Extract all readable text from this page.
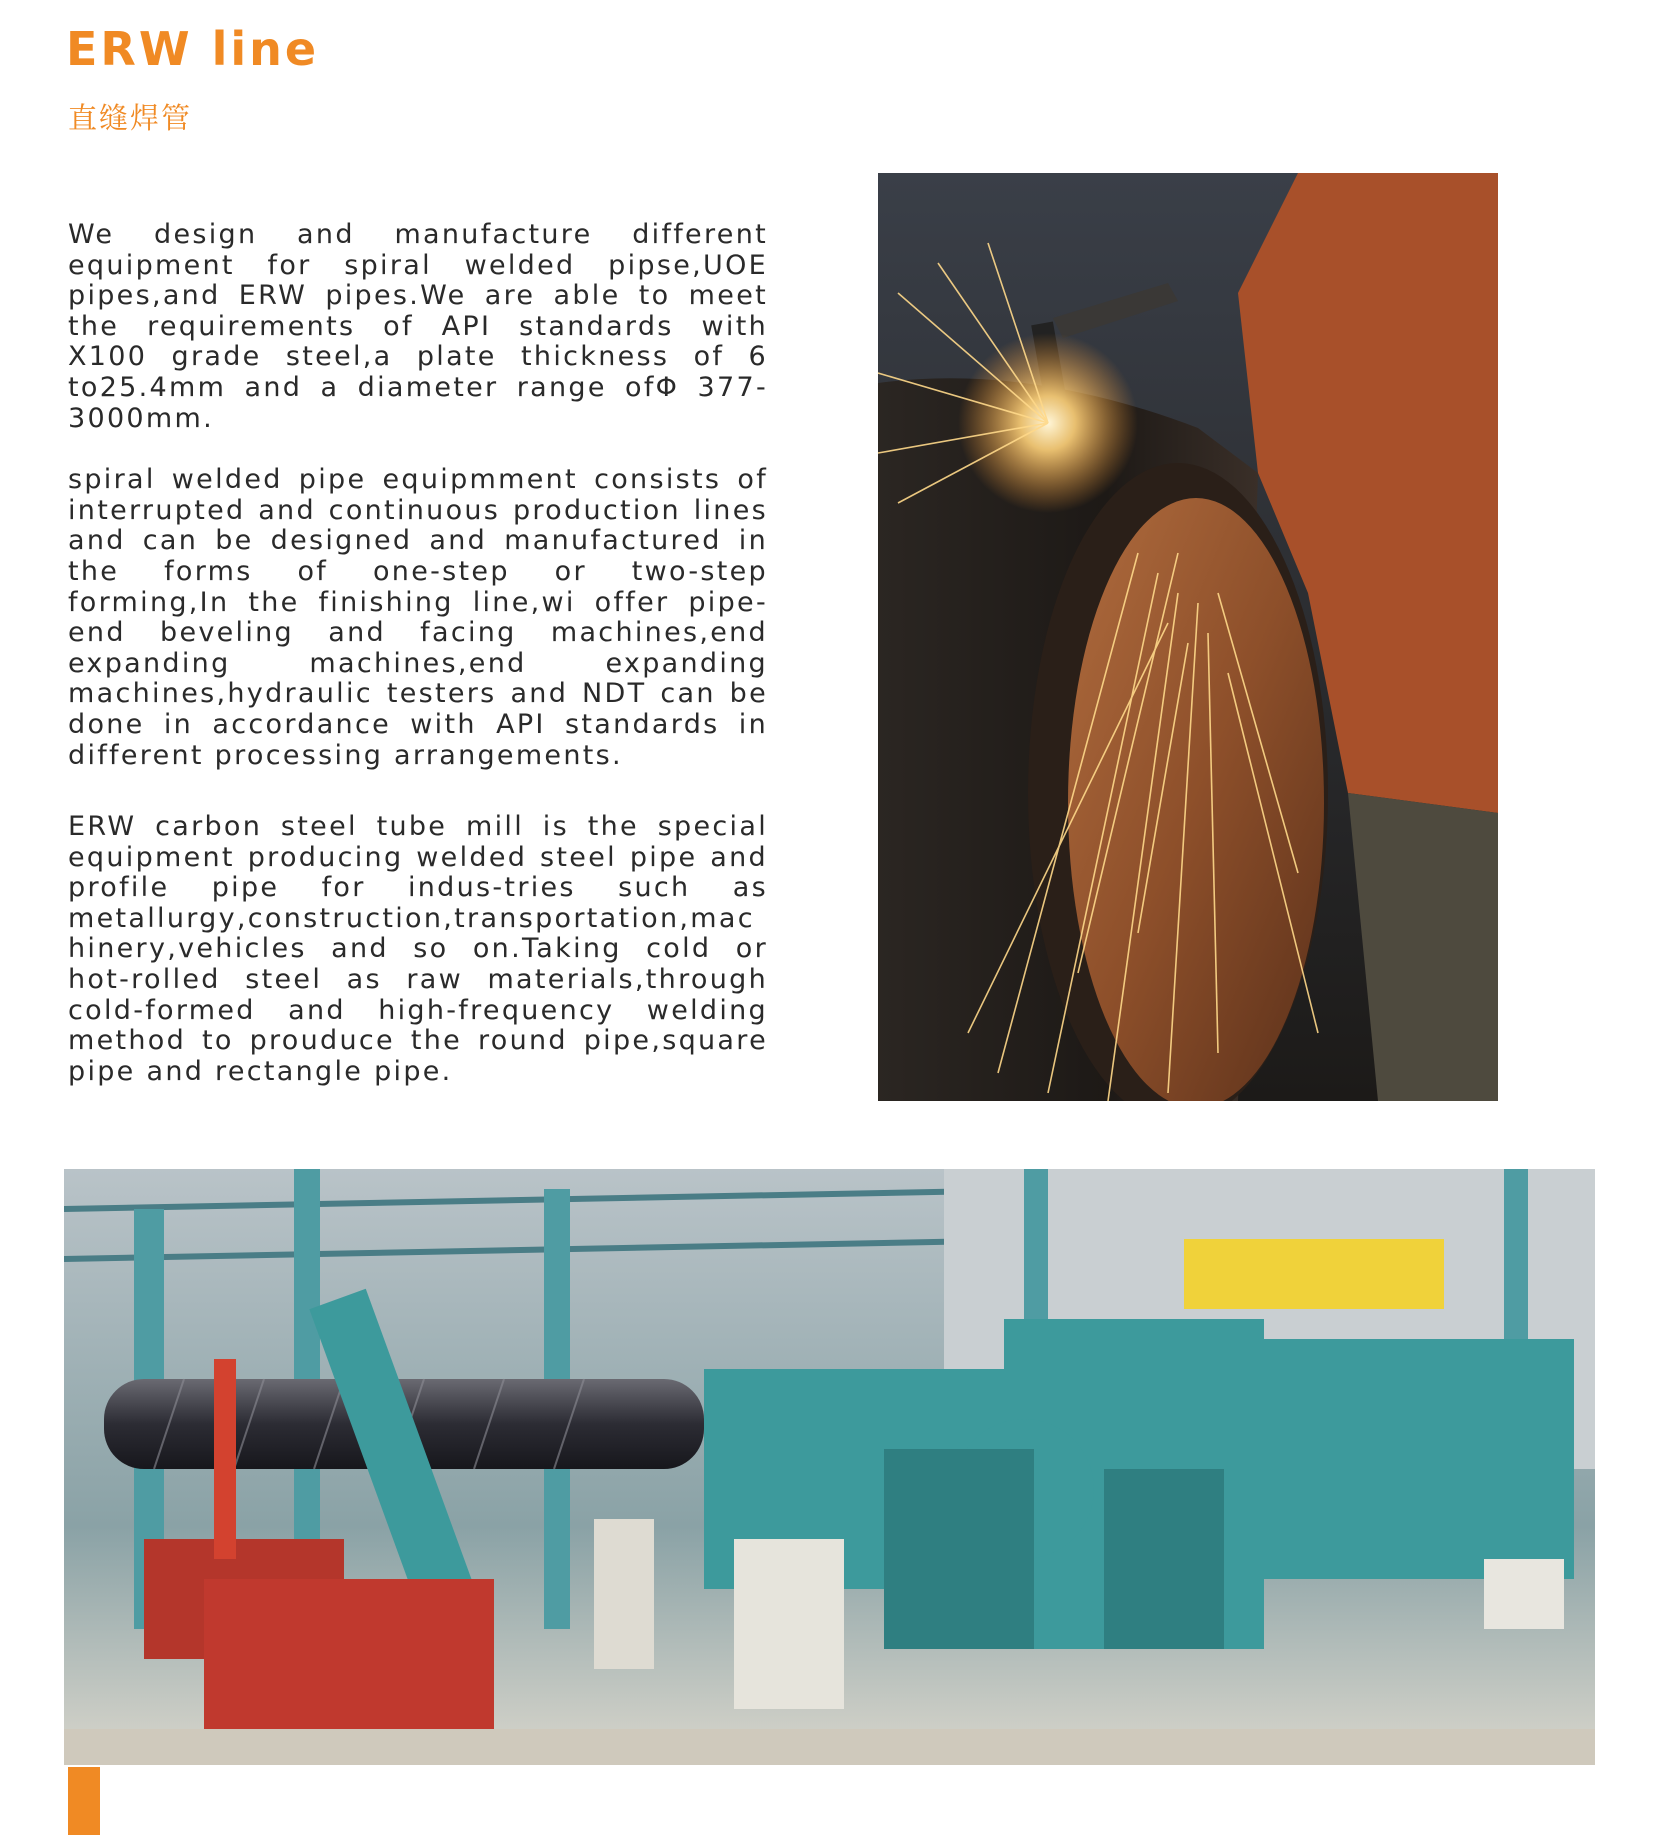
ERW line
直缝焊管

We design and manufacture different equipment for spiral welded pipse,UOE pipes,and ERW pipes.We are able to meet the requirements of API standards with X100 grade steel,a plate thickness of 6 to25.4mm and a diameter range ofΦ 377-3000mm.

spiral welded pipe equipmment consists of interrupted and continuous production lines and can be designed and manufactured in the forms of one-step or two-step forming,In the finishing line,wi offer pipe-end beveling and facing machines,end expanding machines,end expanding machines,hydraulic testers and NDT can be done in accordance with API standards in different processing arrangements.

ERW carbon steel tube mill is the special equipment producing welded steel pipe and profile pipe for indus-tries such as metallurgy,construction,transportation,machinery,vehicles and so on.Taking cold or hot-rolled steel as raw materials,through cold-formed and high-frequency welding method to prouduce the round pipe,square pipe and rectangle pipe.
